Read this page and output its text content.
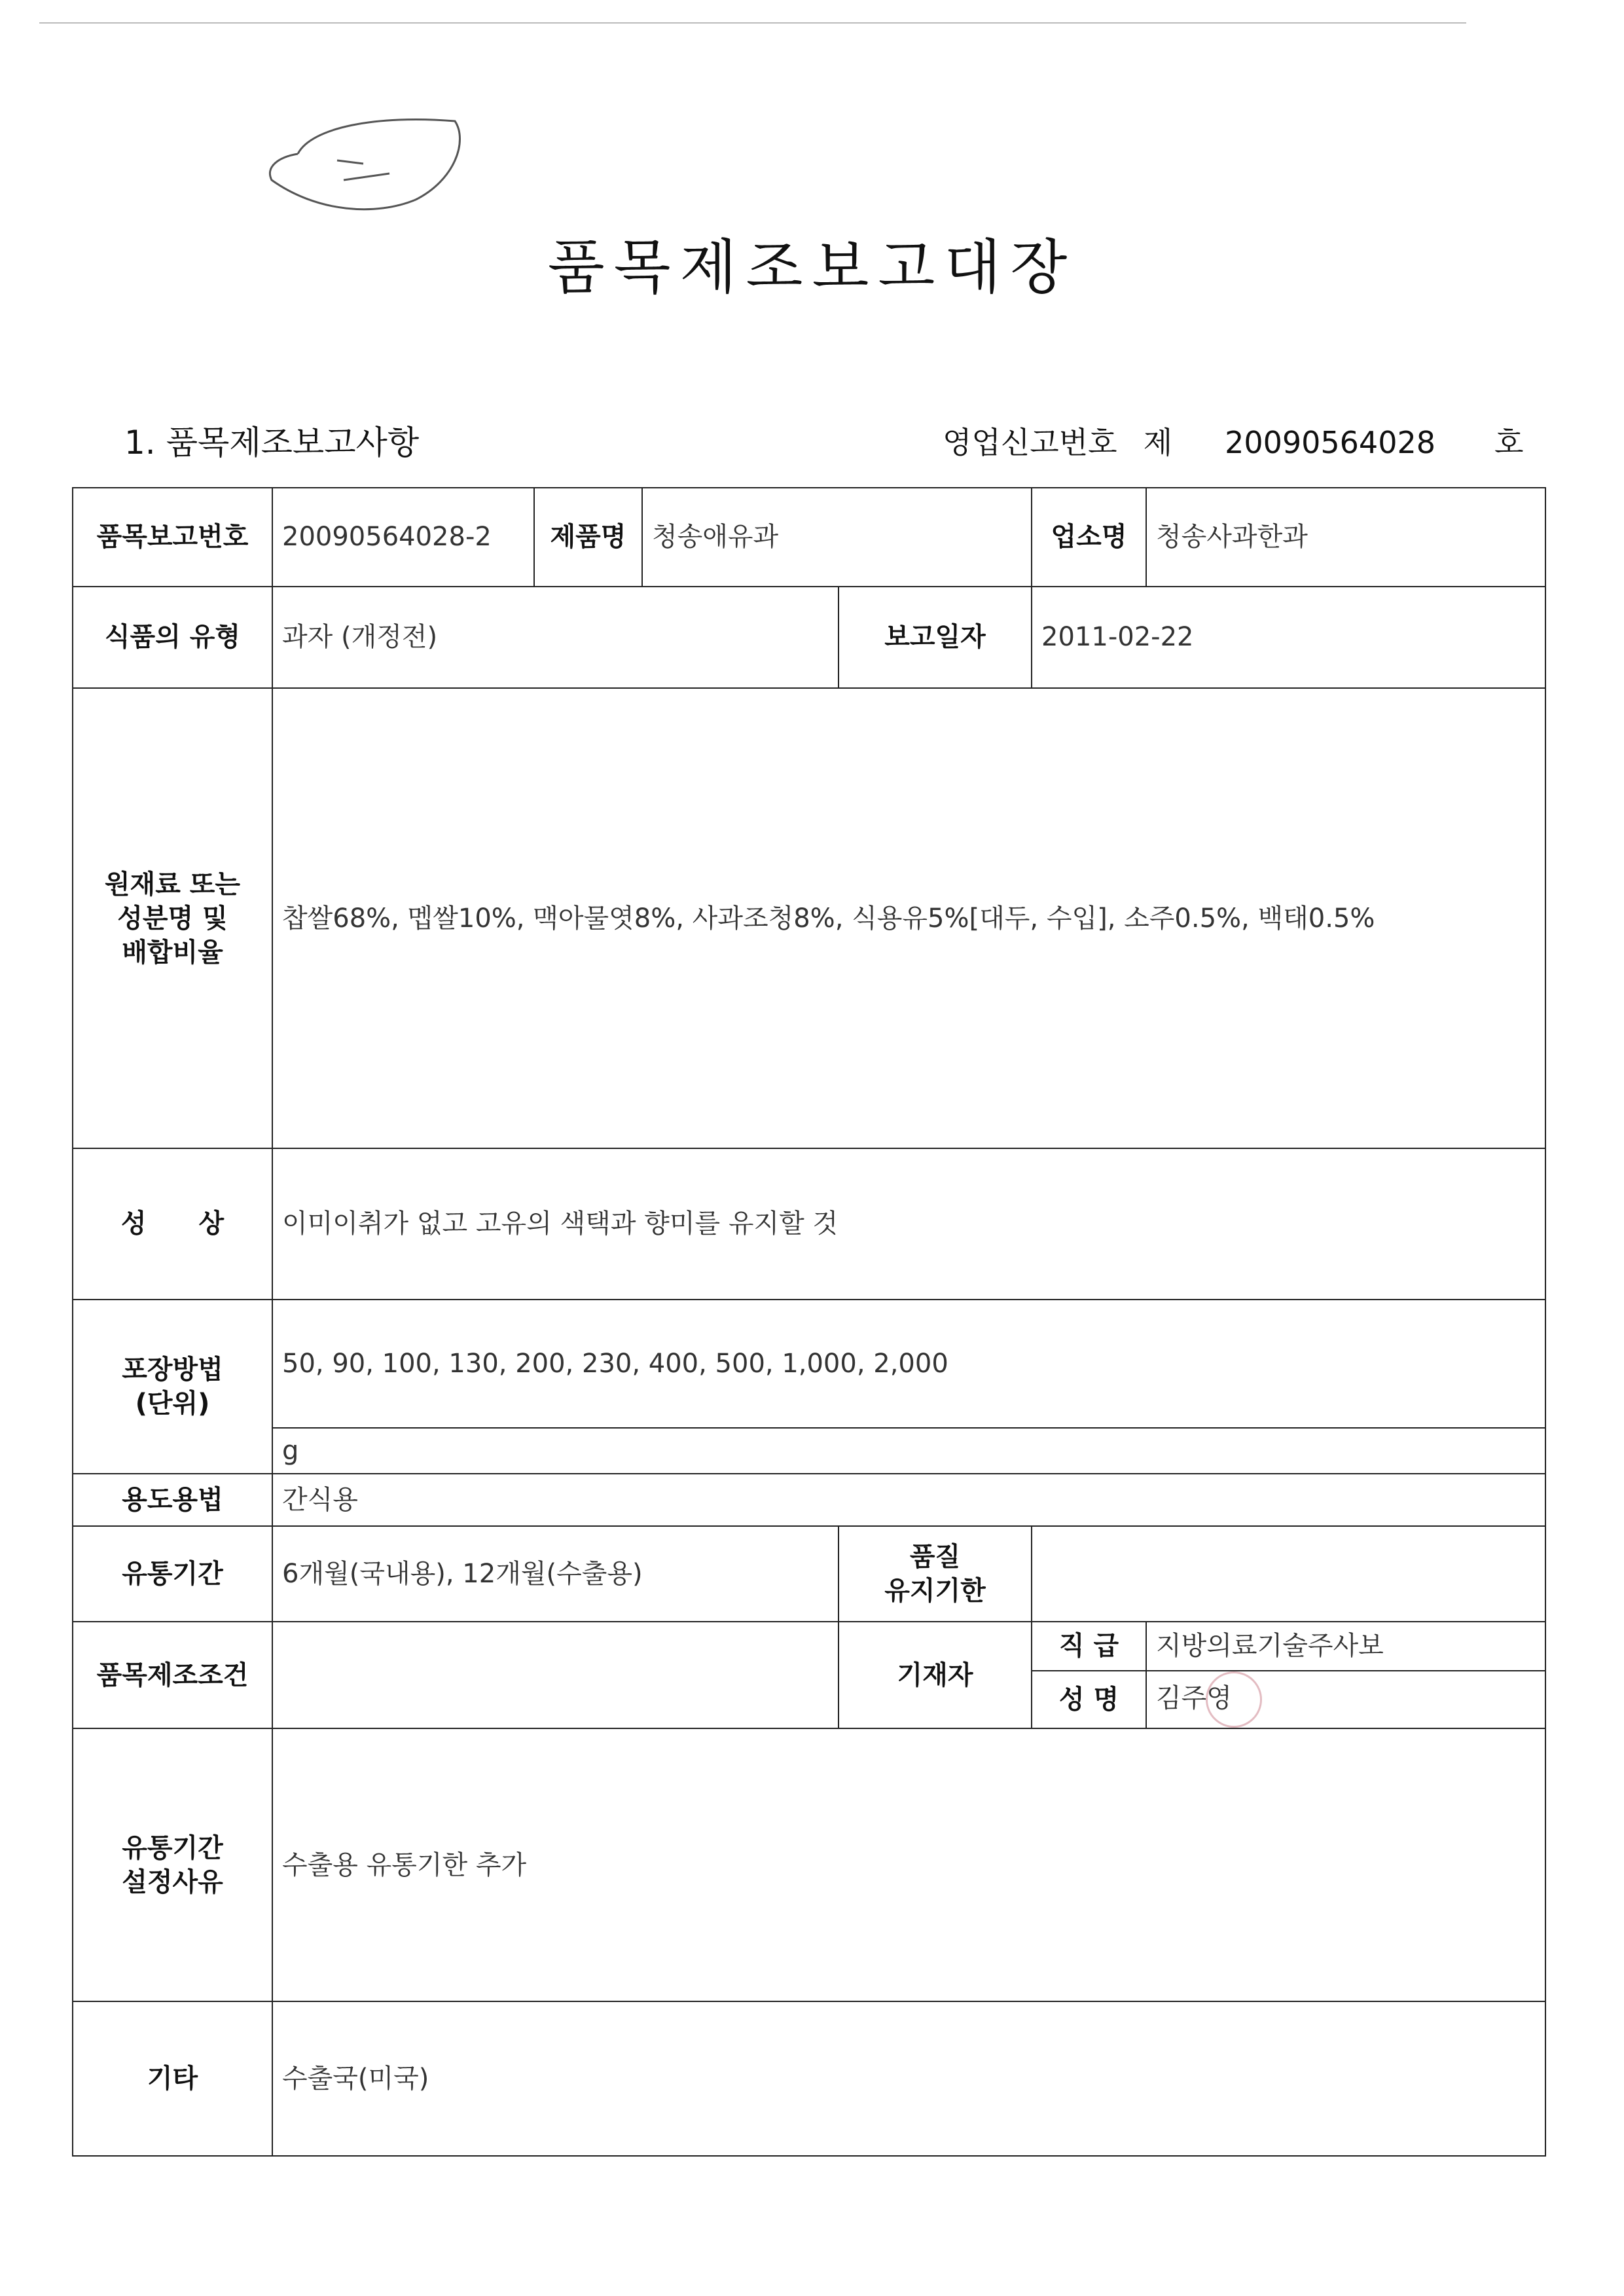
품목제조보고대장
1. 품목제조보고사항	영업신고번호 제 20090564028 호
품목보고번호	20090564028-2	제품명	청송애유과		업소명	청송사과한과
식품의 유형	과자 (개정전)			보고일자	2011-02-22	

원재료 또는
성분명 및
배합비율	찹쌀68%, 멥쌀10%, 맥아물엿8%, 사과조청8%, 식용유5%[대두, 수입], 소주0.5%, 백태0.5%					
성　　상	이미이취가 없고 고유의 색택과 향미를 유지할 것					

포장방법
(단위)	50, 90, 100, 130, 200, 230, 400, 500, 1,000, 2,000					
	g					
용도용법	간식용					
유통기간	6개월(국내용), 12개월(수출용)			품질
유지기한		

품목제조조건				기재자	직 급	지방의료기술주사보
					성 명	김주영

유통기간
설정사유	수출용 유통기한 추가					
기타	수출국(미국)					
